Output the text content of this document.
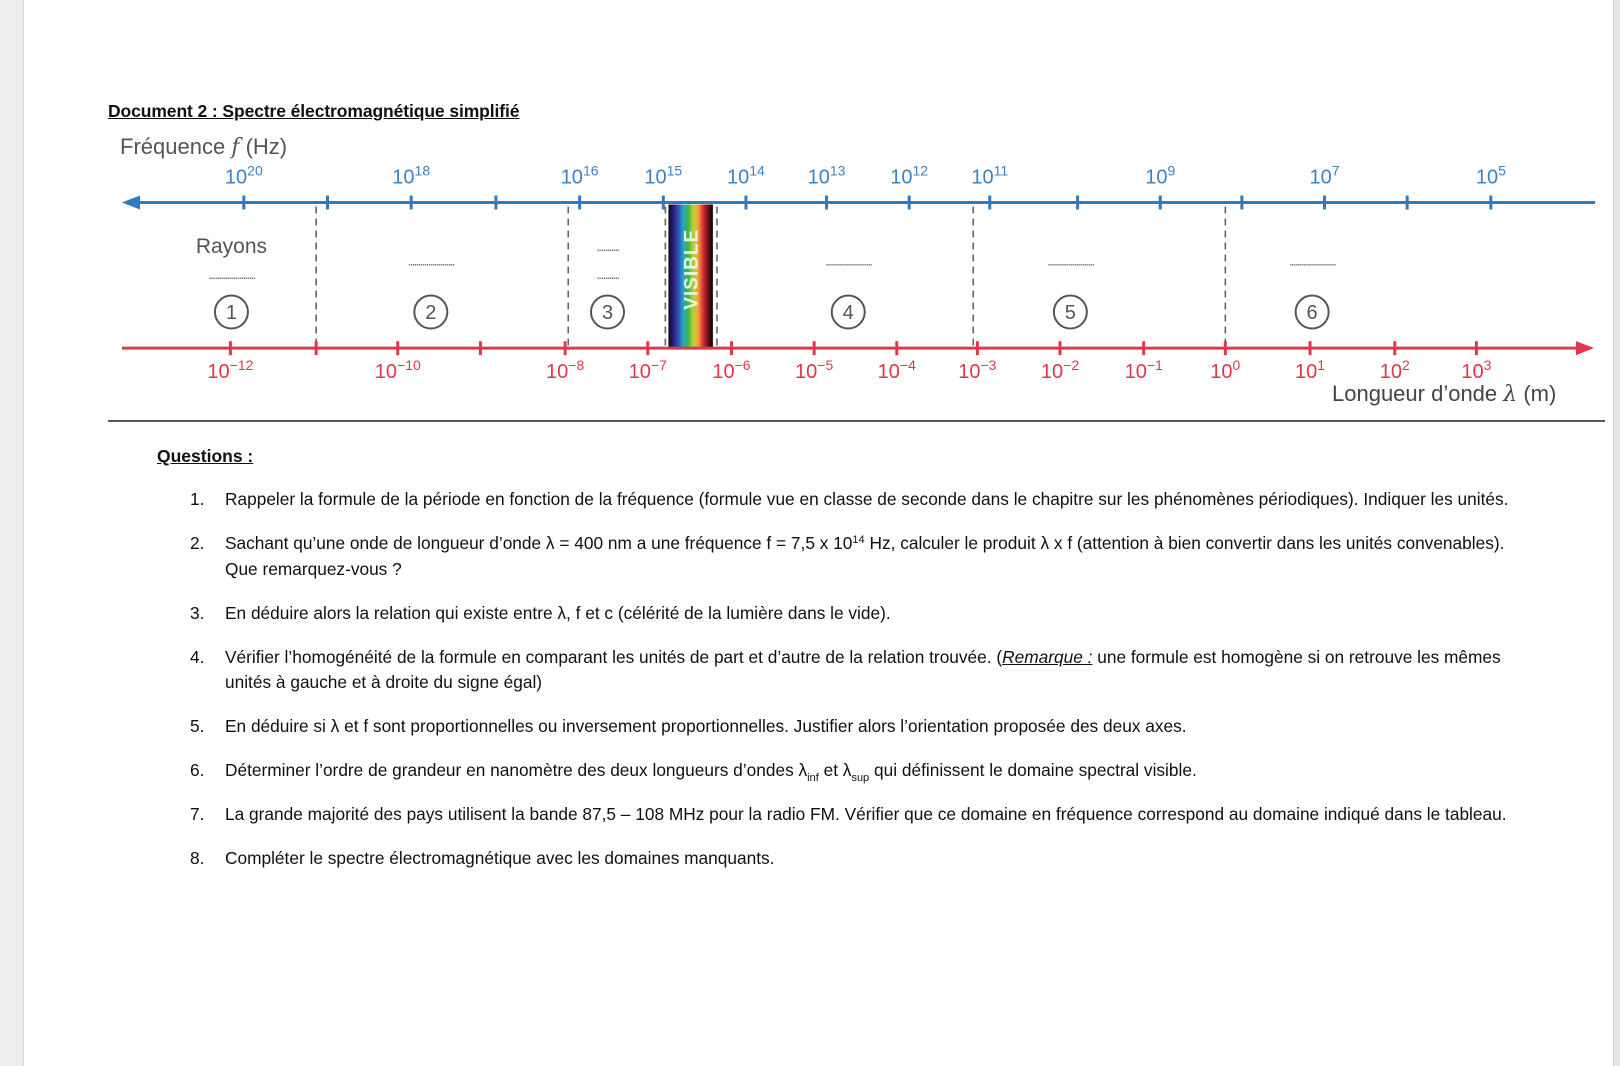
Document 2 : Spectre électromagnétique simplifié
Fréquence f (Hz)
VISIBLE
$10^{20}$	$10^{18}$	$10^{16}$ $10^{15}$ $10^{14}$ $10^{13}$ $10^{12}$ $10^{11}$	$10^9$	$10^7$	$10^5$
$10^{-12}$	$10^{-10}$	$10^{-8}$ $10^{-7}$ $10^{-6}$ $10^{-5}$ $10^{-4}$ $10^{-3}$ $10^{-2}$ $10^{-1}$ $10^0$	$10^1$	$10^2$	$10^3$
Rayons
.......................
1
.......................
2
...........
...........
3
.......................
4
.......................
5
.......................
6
Longueur d’onde λ (m)
Questions :
1. Rappeler la formule de la période en fonction de la fréquence (formule vue en classe de seconde dans le chapitre sur les phénomènes périodiques). Indiquer les unités.
2. Sachant qu’une onde de longueur d’onde λ = 400 nm a une fréquence f = 7,5 x $10^{14}$ Hz, calculer le produit λ x f (attention à bien convertir dans les unités convenables). Que remarquez-vous ?
3. En déduire alors la relation qui existe entre λ, f et c (célérité de la lumière dans le vide).
4. Vérifier l’homogénéité de la formule en comparant les unités de part et d’autre de la relation trouvée. (Remarque : une formule est homogène si on retrouve les mêmes unités à gauche et à droite du signe égal)
5. En déduire si λ et f sont proportionnelles ou inversement proportionnelles. Justifier alors l’orientation proposée des deux axes.
6. Déterminer l’ordre de grandeur en nanomètre des deux longueurs d’ondes $\lambda_{inf}$ et $\lambda_{sup}$ qui définissent le domaine spectral visible.
7. La grande majorité des pays utilisent la bande 87,5 – 108 MHz pour la radio FM. Vérifier que ce domaine en fréquence correspond au domaine indiqué dans le tableau.
8. Compléter le spectre électromagnétique avec les domaines manquants.
